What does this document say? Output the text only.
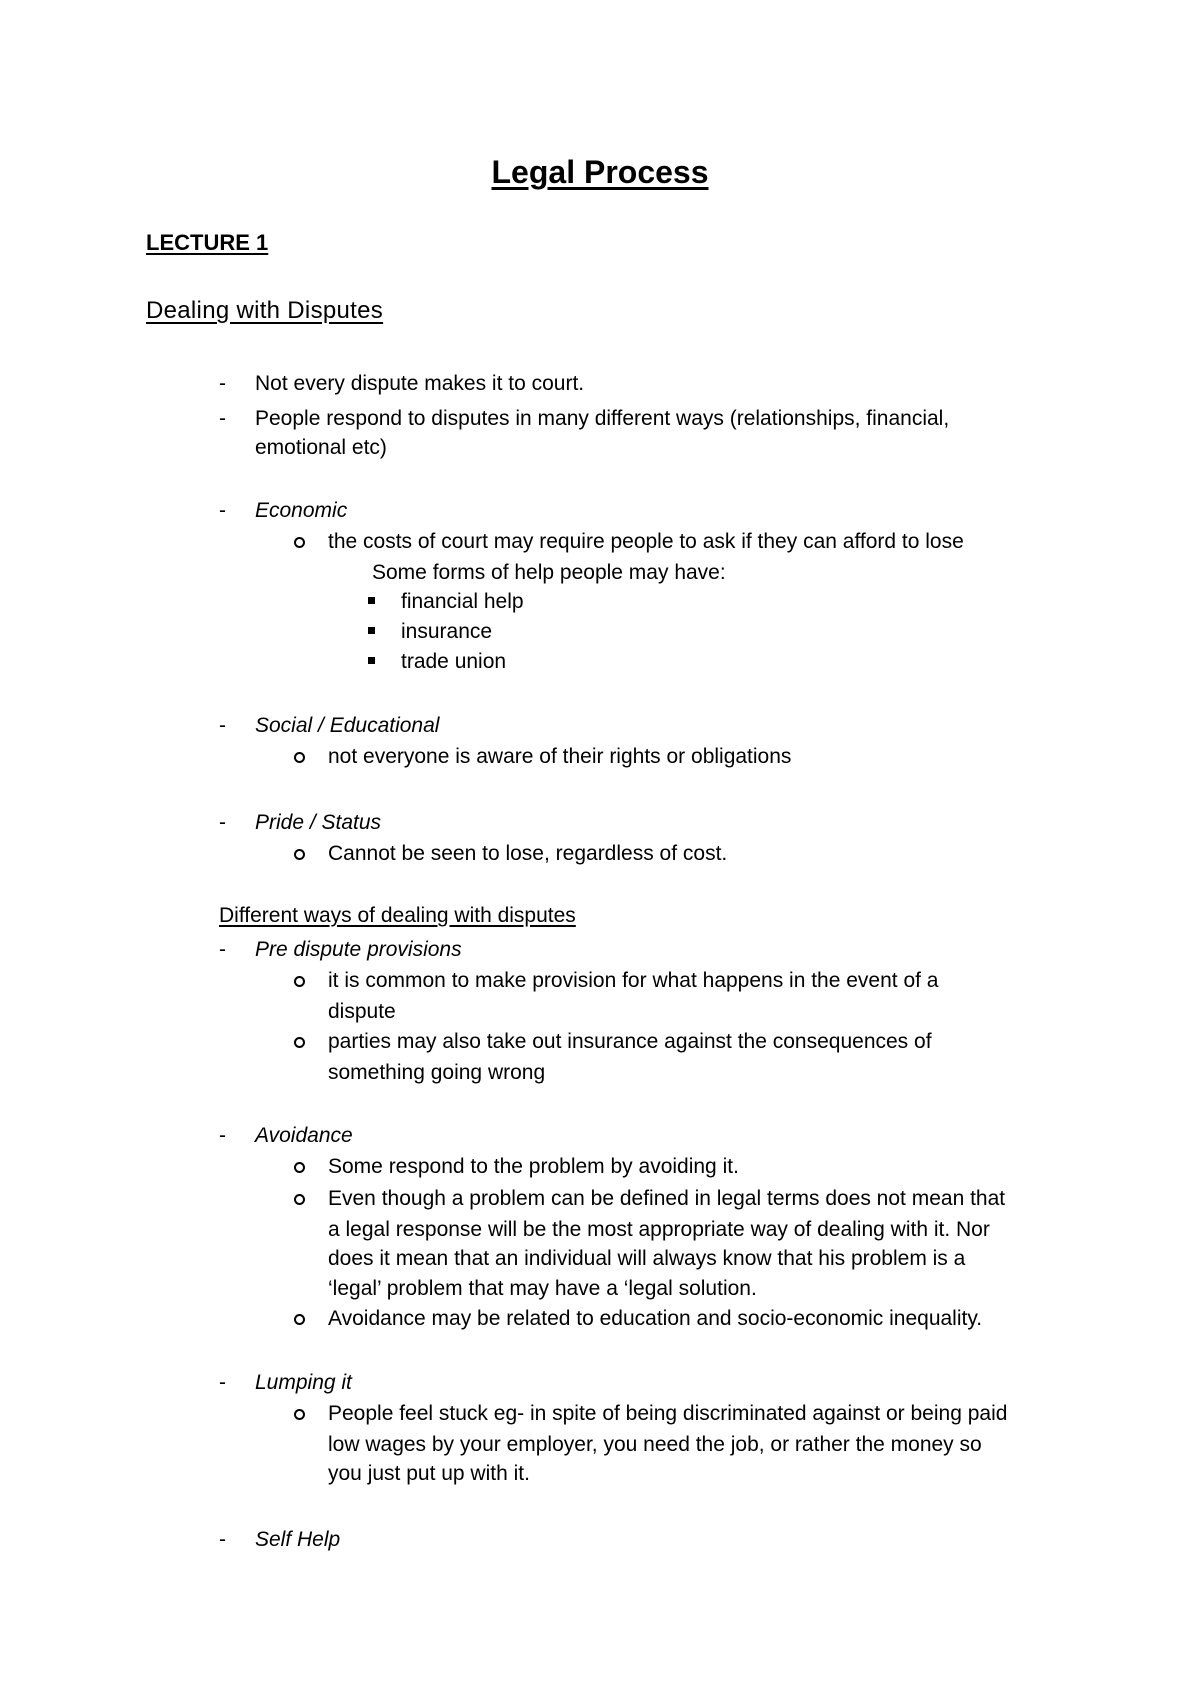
Legal Process
LECTURE 1
Dealing with Disputes
- Not every dispute makes it to court.
- People respond to disputes in many different ways (relationships, financial,
emotional etc)
- Economic
the costs of court may require people to ask if they can afford to lose
Some forms of help people may have:
financial help
insurance
trade union
- Social / Educational
not everyone is aware of their rights or obligations
- Pride / Status
Cannot be seen to lose, regardless of cost.
Different ways of dealing with disputes
- Pre dispute provisions
it is common to make provision for what happens in the event of a
dispute
parties may also take out insurance against the consequences of
something going wrong
- Avoidance
Some respond to the problem by avoiding it.
Even though a problem can be defined in legal terms does not mean that
a legal response will be the most appropriate way of dealing with it. Nor
does it mean that an individual will always know that his problem is a
‘legal’ problem that may have a ‘legal solution.
Avoidance may be related to education and socio-economic inequality.
- Lumping it
People feel stuck eg- in spite of being discriminated against or being paid
low wages by your employer, you need the job, or rather the money so
you just put up with it.
- Self Help
